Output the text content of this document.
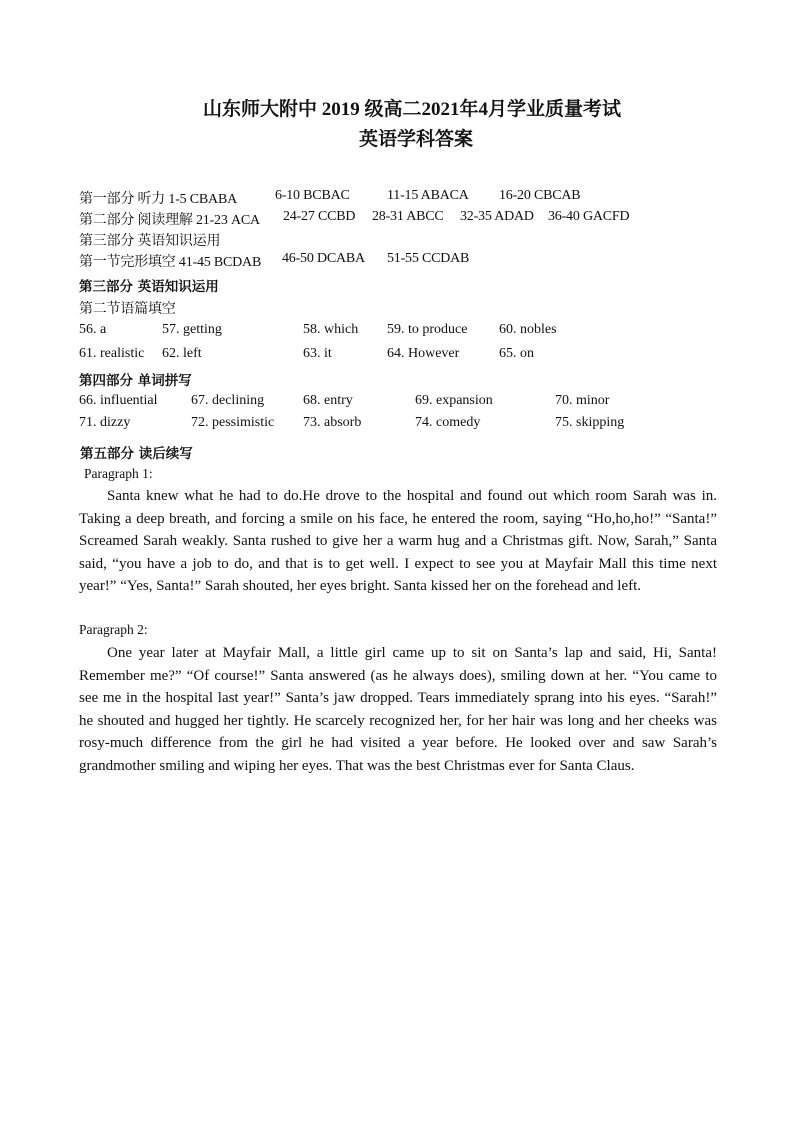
山东师大附中 2019 级高二2021年4月学业质量考试
英语学科答案
第一部分 听力 1-5 CBABA	6-10 BCBAC	11-15 ABACA 16-20 CBCAB
第二部分 阅读理解 21-23 ACA 24-27 CCBD 28-31 ABCC 32-35 ADAD 36-40 GACFD
第三部分 英语知识运用
第一节完形填空 41-45 BCDAB 46-50 DCABA 51-55 CCDAB
第三部分 英语知识运用
第二节语篇填空
56. a	57. getting	58. which 59. to produce 60. nobles
61. realistic 62. left	63. it	64. However	65. on
第四部分 单词拼写
66. influential 67. declining	68. entry	69. expansion	70. minor
71. dizzy	72. pessimistic 73. absorb	74. comedy	75. skipping
第五部分 读后续写
Paragraph 1:

Santa knew what he had to do.He drove to the hospital and found out which room Sarah was in. Taking a deep breath, and forcing a smile on his face, he entered the room, saying “Ho,ho,ho!” “Santa!” Screamed Sarah weakly. Santa rushed to give her a warm hug and a Christmas gift. Now, Sarah,” Santa said, “you have a job to do, and that is to get well. I expect to see you at Mayfair Mall this time next year!” “Yes, Santa!” Sarah shouted, her eyes bright. Santa kissed her on the forehead and left.

Paragraph 2:

One year later at Mayfair Mall, a little girl came up to sit on Santa’s lap and said, Hi, Santa! Remember me?” “Of course!” Santa answered (as he always does), smiling down at her. “You came to see me in the hospital last year!” Santa’s jaw dropped. Tears immediately sprang into his eyes. “Sarah!” he shouted and hugged her tightly. He scarcely recognized her, for her hair was long and her cheeks was rosy-much difference from the girl he had visited a year before. He looked over and saw Sarah’s grandmother smiling and wiping her eyes. That was the best Christmas ever for Santa Claus.
